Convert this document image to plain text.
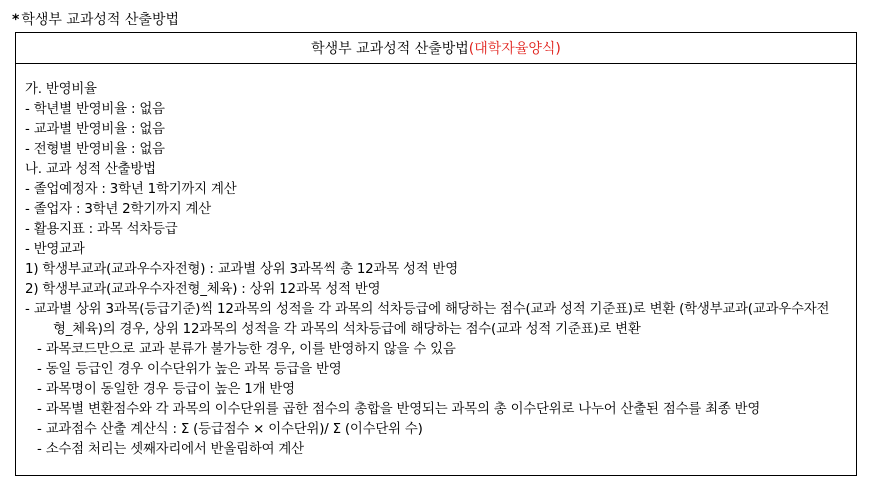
* 학생부 교과성적 산출방법
학생부 교과성적 산출방법 (대학자율양식)
가. 반영비율
- 학년별 반영비율 : 없음
- 교과별 반영비율 : 없음
- 전형별 반영비율 : 없음
나. 교과 성적 산출방법
- 졸업예정자 : 3학년 1학기까지 계산
- 졸업자 : 3학년 2학기까지 계산
- 활용지표 : 과목 석차등급
- 반영교과
1) 학생부교과(교과우수자전형) : 교과별 상위 3과목씩 총 12과목 성적 반영
2) 학생부교과(교과우수자전형_체육) : 상위 12과목 성적 반영
- 교과별 상위 3과목(등급기준)씩 12과목의 성적을 각 과목의 석차등급에 해당하는 점수(교과 성적 기준표)로 변환 (학생부교과(교과우수자전
형_체육)의 경우, 상위 12과목의 성적을 각 과목의 석차등급에 해당하는 점수(교과 성적 기준표)로 변환
- 과목코드만으로 교과 분류가 불가능한 경우, 이를 반영하지 않을 수 있음
- 동일 등급인 경우 이수단위가 높은 과목 등급을 반영
- 과목명이 동일한 경우 등급이 높은 1개 반영
- 과목별 변환점수와 각 과목의 이수단위를 곱한 점수의 총합을 반영되는 과목의 총 이수단위로 나누어 산출된 점수를 최종 반영
- 교과점수 산출 계산식 : Σ (등급점수 × 이수단위)/ Σ (이수단위 수)
- 소수점 처리는 셋째자리에서 반올림하여 계산
